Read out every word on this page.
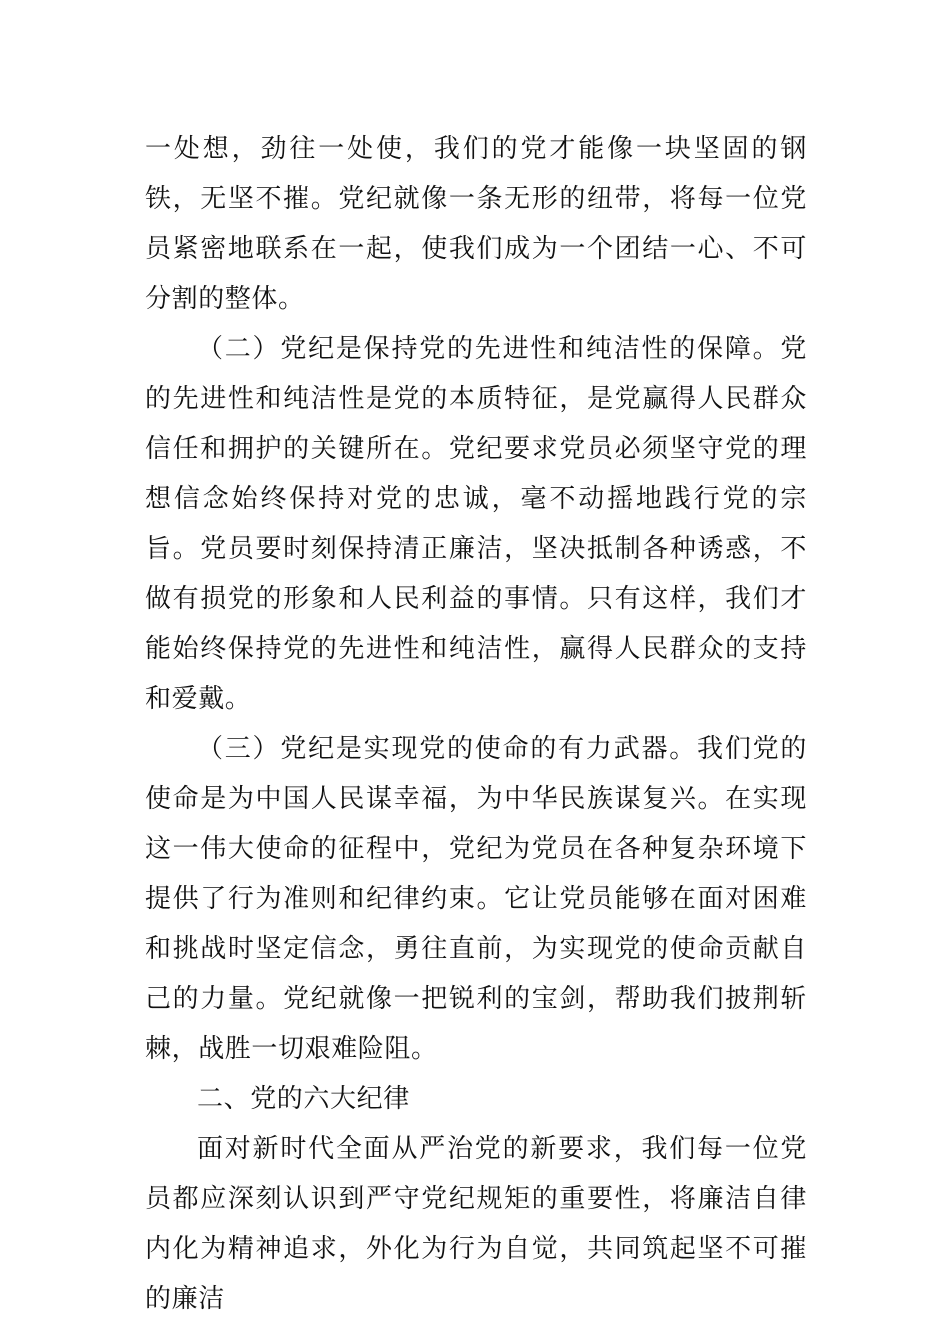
一处想，劲往一处使，我们的党才能像一块坚固的钢铁，无坚不摧。党纪就像一条无形的纽带，将每一位党员紧密地联系在一起，使我们成为一个团结一心、不可分割的整体。

（二）党纪是保持党的先进性和纯洁性的保障。党的先进性和纯洁性是党的本质特征，是党赢得人民群众信任和拥护的关键所在。党纪要求党员必须坚守党的理想信念始终保持对党的忠诚，毫不动摇地践行党的宗旨。党员要时刻保持清正廉洁，坚决抵制各种诱惑，不做有损党的形象和人民利益的事情。只有这样，我们才能始终保持党的先进性和纯洁性，赢得人民群众的支持和爱戴。

（三）党纪是实现党的使命的有力武器。我们党的使命是为中国人民谋幸福，为中华民族谋复兴。在实现这一伟大使命的征程中，党纪为党员在各种复杂环境下提供了行为准则和纪律约束。它让党员能够在面对困难和挑战时坚定信念，勇往直前，为实现党的使命贡献自己的力量。党纪就像一把锐利的宝剑，帮助我们披荆斩棘，战胜一切艰难险阻。

二、党的六大纪律

面对新时代全面从严治党的新要求，我们每一位党员都应深刻认识到严守党纪规矩的重要性，将廉洁自律内化为精神追求，外化为行为自觉，共同筑起坚不可摧的廉洁
